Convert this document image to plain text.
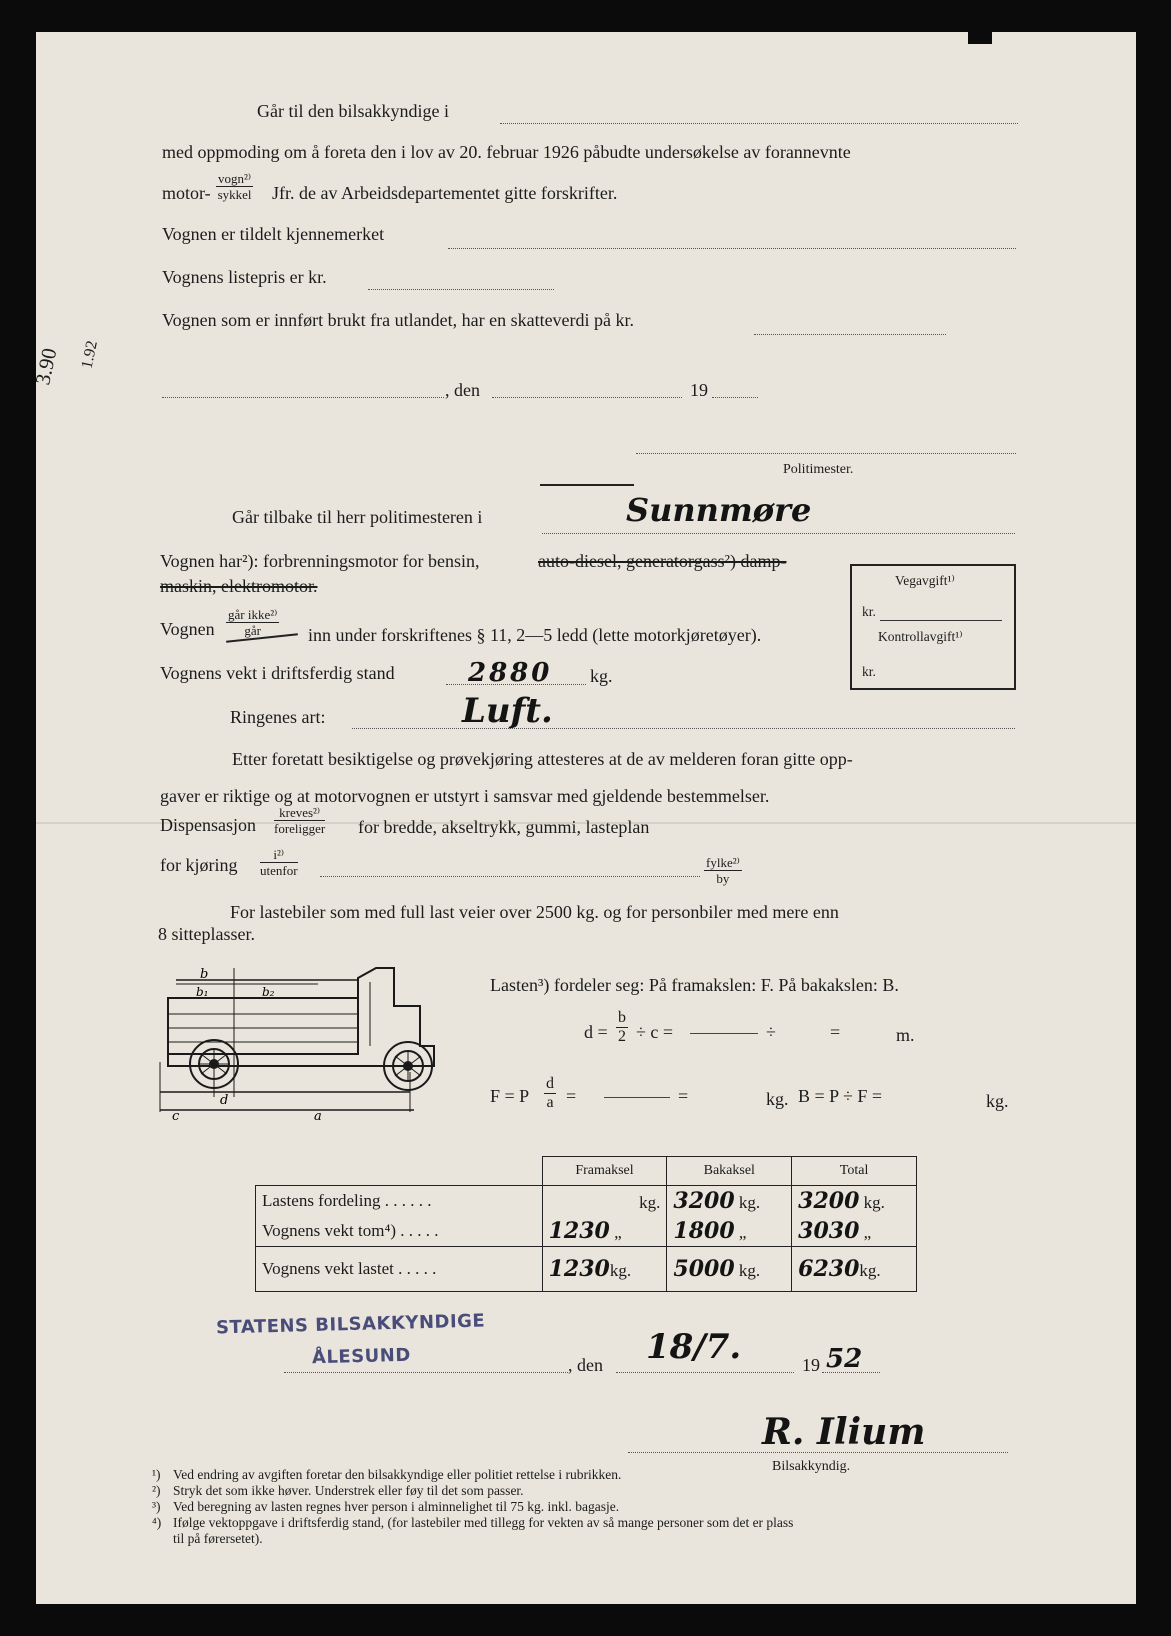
Går til den bilsakkyndige i
med oppmoding om å foreta den i lov av 20. februar 1926 påbudte undersøkelse av forannevnte
motor-
vogn²⁾
sykkel Jfr. de av Arbeidsdepartementet gitte forskrifter.
Vognen er tildelt kjennemerket
Vognens listepris er kr.
Vognen som er innført brukt fra utlandet, har en skatteverdi på kr.
3.90 1.92
, den	19
Politimester.
Går tilbake til herr politimesteren i	Sunnmøre
Vognen har²): forbrenningsmotor for bensin,	auto-diesel, generatorgass²) damp-
maskin, elektromotor.
Vognen
går ikke²⁾
går	inn under forskriftenes § 11, 2—5 ledd (lette motorkjøretøyer).
Vognens vekt i driftsferdig stand	2880 kg.
Ringenes art:	Luft.
Vegavgift¹⁾
kr.
Kontrollavgift¹⁾
kr.
Etter foretatt besiktigelse og prøvekjøring attesteres at de av melderen foran gitte opp-
gaver er riktige og at motorvognen er utstyrt i samsvar med gjeldende bestemmelser.
Dispensasjon
kreves²⁾
foreligger for bredde, akseltrykk, gummi, lasteplan
for kjøring
i²⁾
utenfor
fylke²⁾
by
For lastebiler som med full last veier over 2500 kg. og for personbiler med mere enn
8 sitteplasser.
b
b₁	b₂
c
d
a
Lasten³) fordeler seg: På framakslen: F. På bakakslen: B.
$d = \frac{b}{2} \div c$ =	÷	=	m.
F = P $\frac{d}{a}$ =	=	kg. B = P ÷ F =	kg.
	Framaksel	Bakaksel	Total
Lastens fordeling . . . . . .	kg.	3200 kg.	3200 kg.
Vognens vekt tom⁴) . . . . .	1230 „	1800 „	3030 „
Vognens vekt lastet . . . . .	1230kg.	5000 kg.	6230kg.
STATENS BILSAKKYNDIGE
ÅLESUND	, den 18/7.	19 52
R. Ilium
Bilsakkyndig.
¹) Ved endring av avgiften foretar den bilsakkyndige eller politiet rettelse i rubrikken.
²) Stryk det som ikke høver. Understrek eller føy til det som passer.
³) Ved beregning av lasten regnes hver person i alminnelighet til 75 kg. inkl. bagasje.
⁴) Ifølge vektoppgave i driftsferdig stand, (for lastebiler med tillegg for vekten av så mange personer som det er plass
til på førersetet).
